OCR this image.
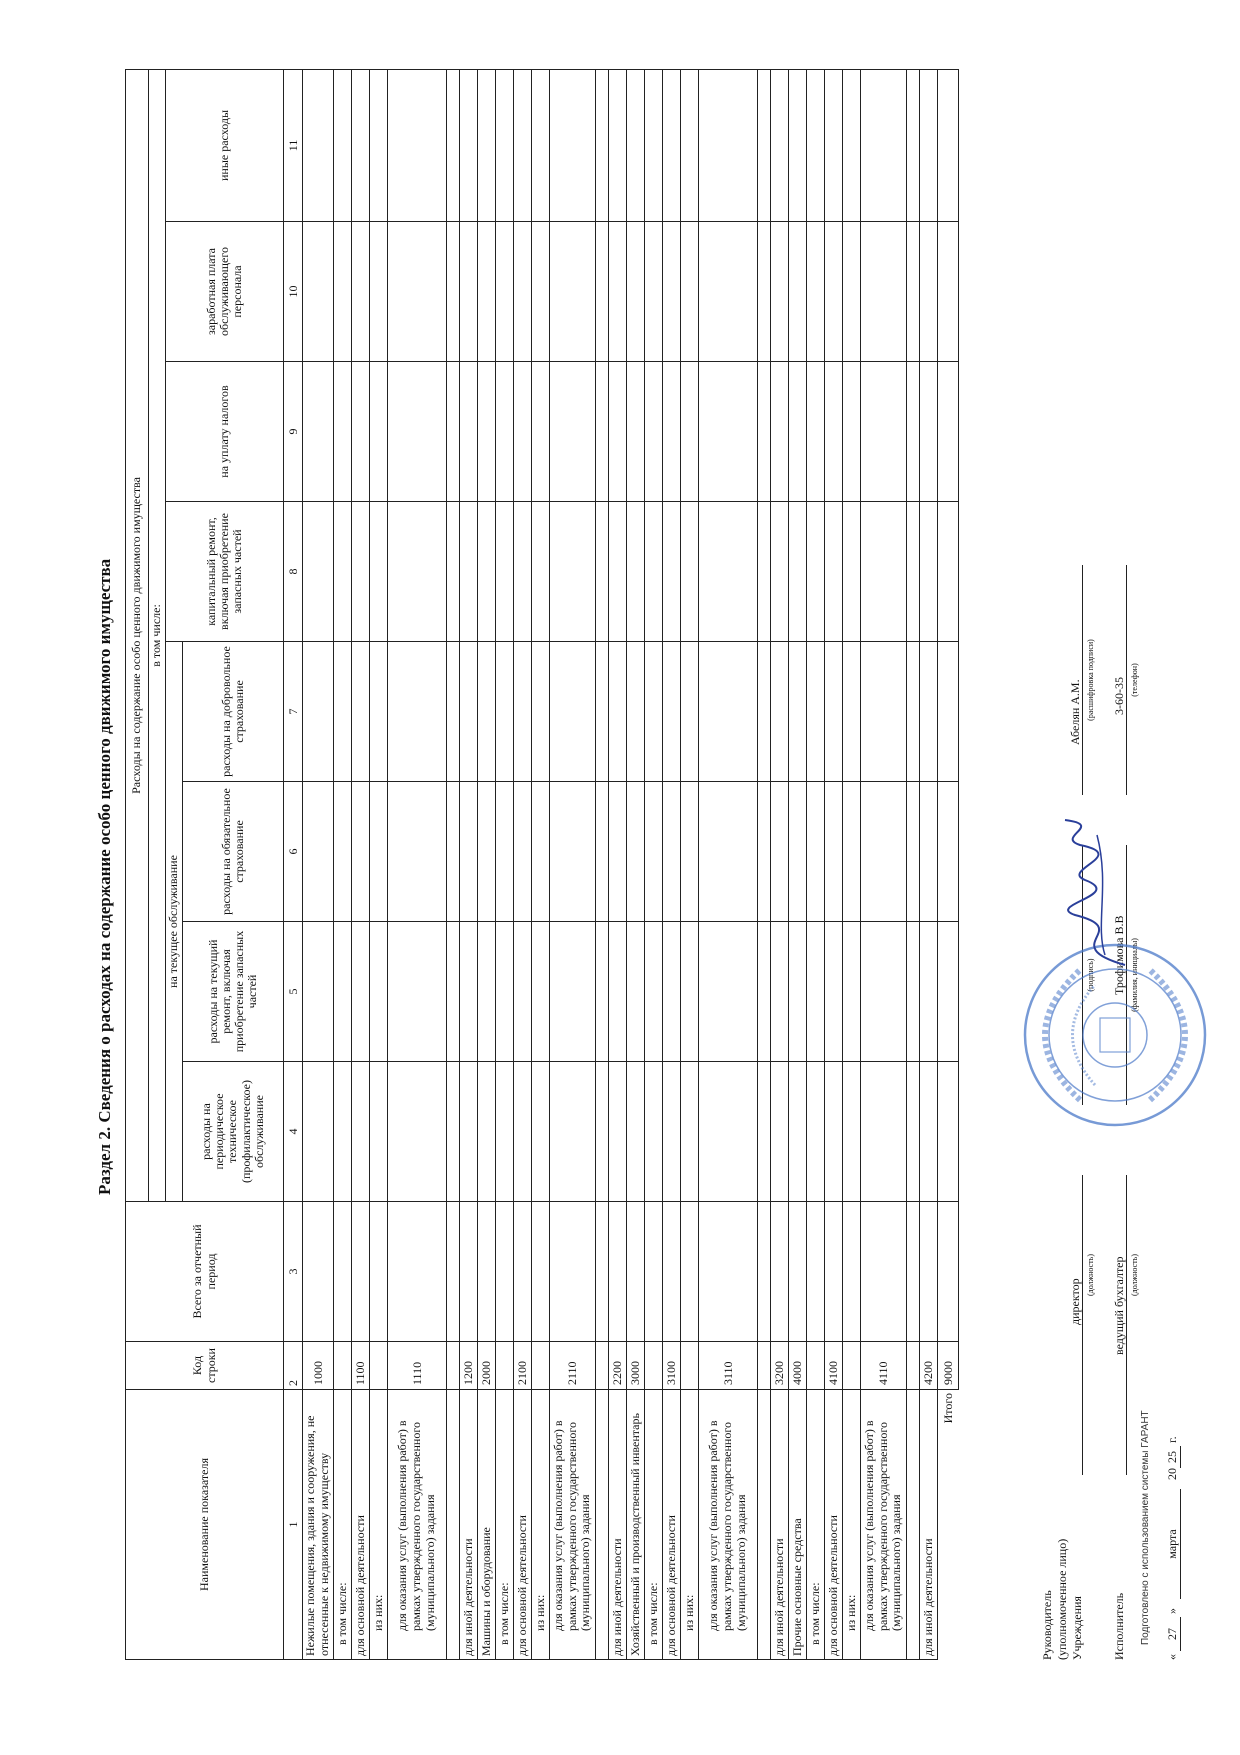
Подготовлено с использованием системы ГАРАНТ
Раздел 2. Сведения о расходах на содержание особо ценного движимого имущества
Наименование показателя	Код строки	Всего за отчетный период	Расходы на содержание особо ценного движимого имущества							
			в том числе:							
			на текущее обслуживание				капитальный ремонт, включая приобретение запасных частей	на уплату налогов	заработная плата обслуживающего персонала	иные расходы
			расходы на периодическое техническое (профилактическое) обслуживание	расходы на текущий ремонт, включая приобретение запасных частей	расходы на обязательное страхование	расходы на добровольное страхование				
1	2	3	4	5	6	7	8	9	10	11
Нежилые помещения, здания и сооружения, не отнесенные к недвижимому имуществу	1000									
в том числе:										
для основной деятельности	1100									
из них:										
для оказания услуг (выполнения работ) в рамках утвержденного государственного (муниципального) задания	1110									

для иной деятельности	1200									
Машины и оборудование	2000									
в том числе:										
для основной деятельности	2100									
из них:										
для оказания услуг (выполнения работ) в рамках утвержденного государственного (муниципального) задания	2110									

для иной деятельности	2200									
Хозяйственный и производственный инвентарь	3000									
в том числе:										
для основной деятельности	3100									
из них:										
для оказания услуг (выполнения работ) в рамках утвержденного государственного (муниципального) задания	3110									

для иной деятельности	3200									
Прочие основные средства	4000									
в том числе:										
для основной деятельности	4100									
из них:										
для оказания услуг (выполнения работ) в рамках утвержденного государственного (муниципального) задания	4110									

для иной деятельности	4200									
Итого	9000									
Руководитель (уполномоченное лицо) Учреждения
директор
(должность)
(подпись)
Абелян А.М. (расшифровка подписи)
Исполнитель
ведущий бухгалтер (должность)
Трофимова В.В (фамилия, инициалы)
3-60-35 (телефон)
« 27 » марта 2025 г.
